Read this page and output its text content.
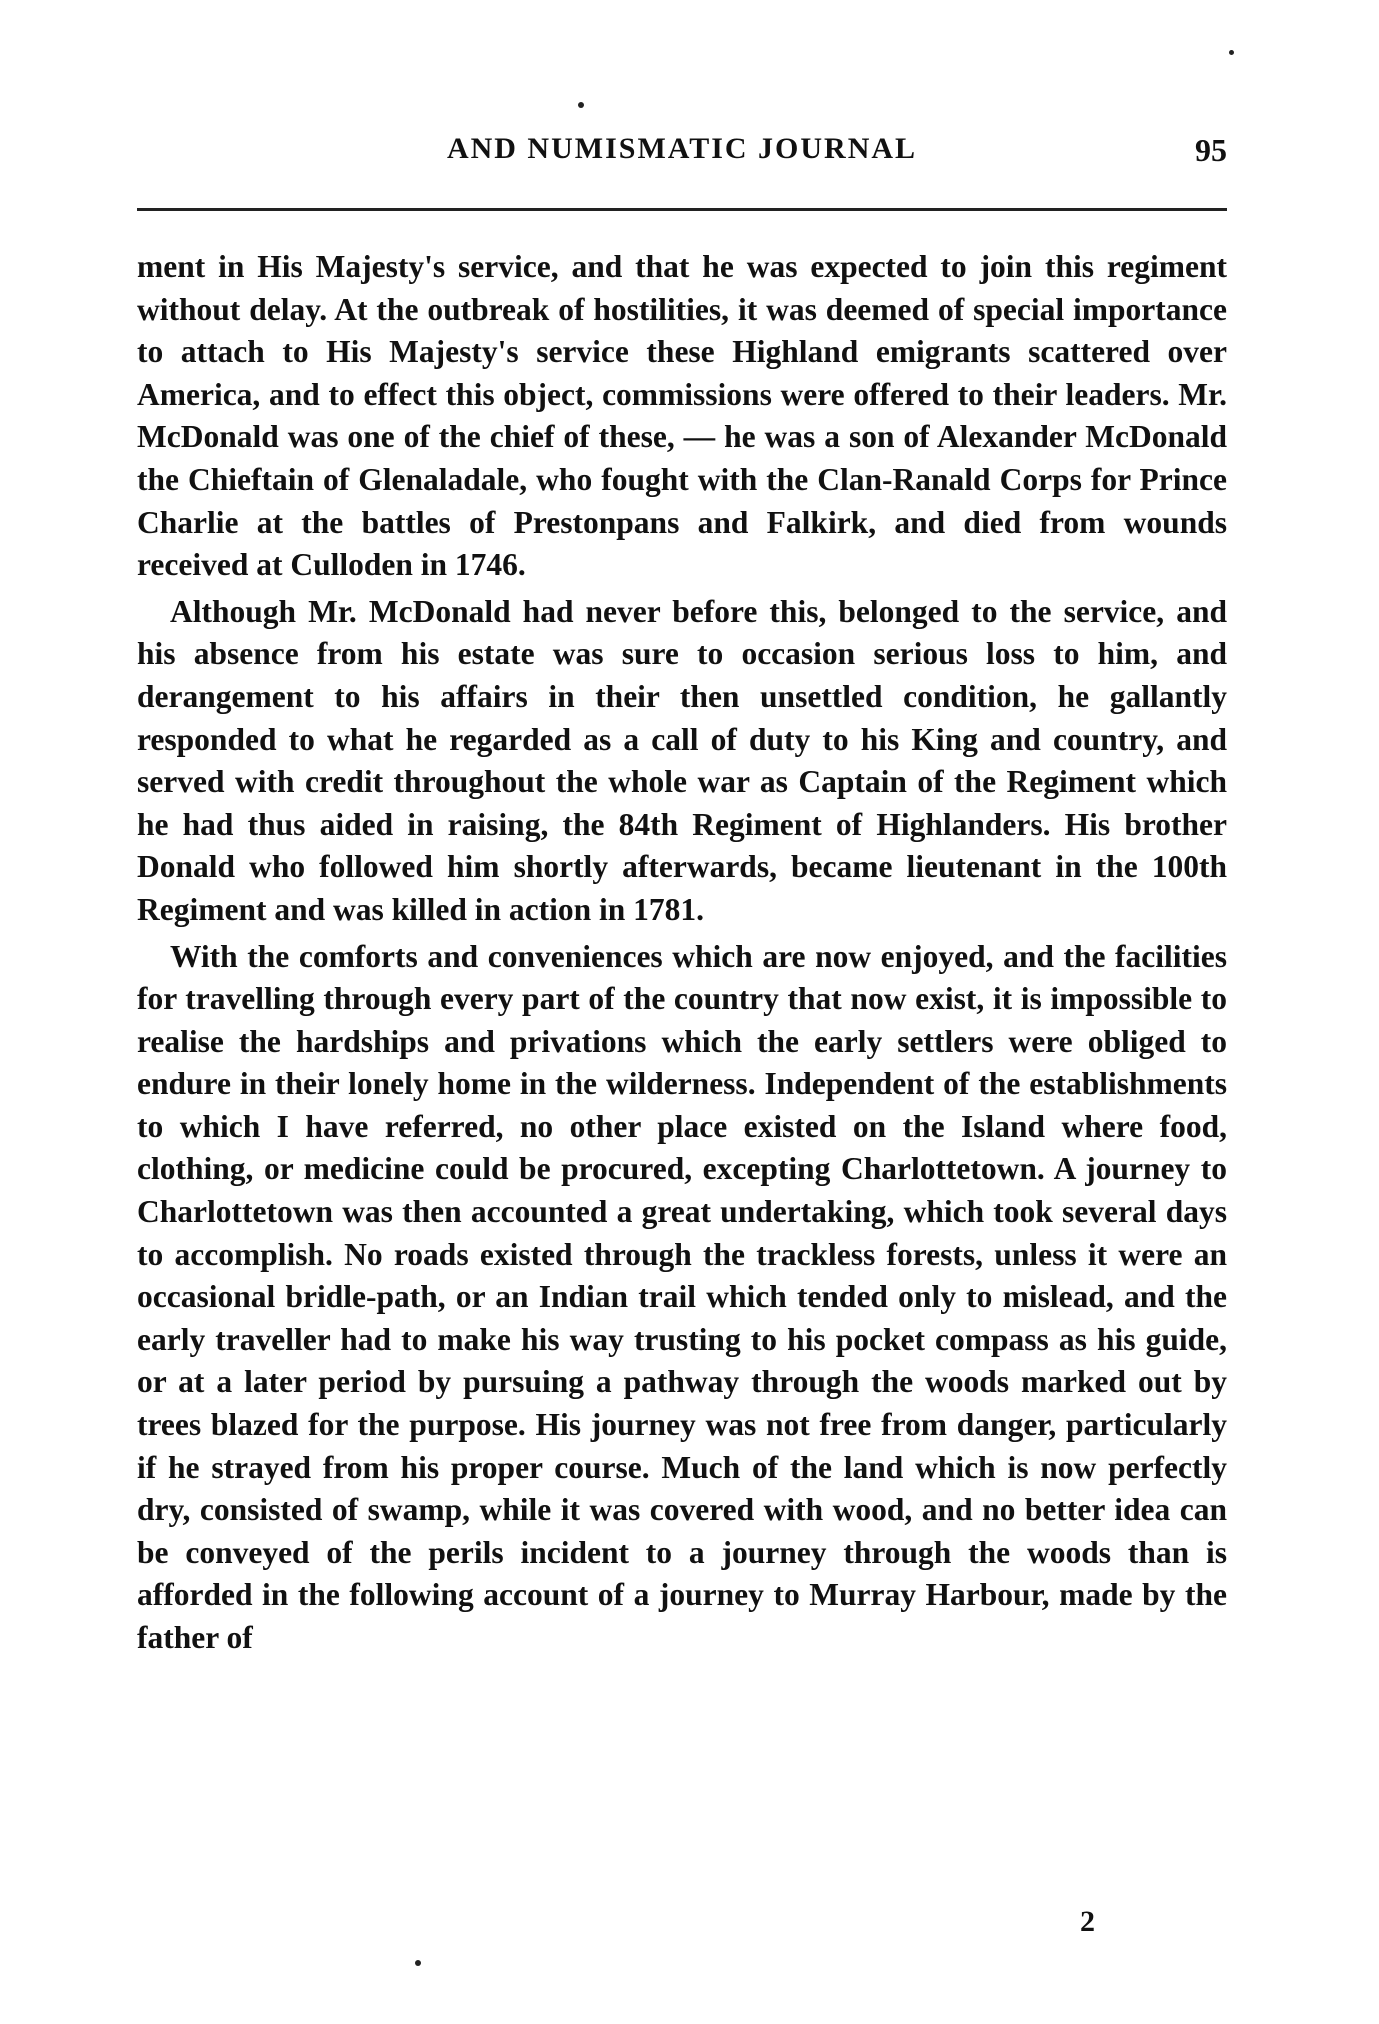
AND NUMISMATIC JOURNAL	95

ment in His Majesty's service, and that he was expected to join this regiment without delay. At the outbreak of hostilities, it was deemed of special importance to attach to His Majesty's service these Highland emigrants scattered over America, and to effect this object, commissions were offered to their leaders. Mr. McDonald was one of the chief of these, — he was a son of Alexander McDonald the Chieftain of Glenaladale, who fought with the Clan-Ranald Corps for Prince Charlie at the battles of Prestonpans and Falkirk, and died from wounds received at Culloden in 1746.

Although Mr. McDonald had never before this, belonged to the service, and his absence from his estate was sure to occasion serious loss to him, and derangement to his affairs in their then unsettled condition, he gallantly responded to what he regarded as a call of duty to his King and country, and served with credit throughout the whole war as Captain of the Regiment which he had thus aided in raising, the 84th Regiment of Highlanders. His brother Donald who followed him shortly afterwards, became lieutenant in the 100th Regiment and was killed in action in 1781.

With the comforts and conveniences which are now enjoyed, and the facilities for travelling through every part of the country that now exist, it is impossible to realise the hardships and privations which the early settlers were obliged to endure in their lonely home in the wilderness. Independent of the establishments to which I have referred, no other place existed on the Island where food, clothing, or medicine could be procured, excepting Charlottetown. A journey to Charlottetown was then accounted a great undertaking, which took several days to accomplish. No roads existed through the trackless forests, unless it were an occasional bridle-path, or an Indian trail which tended only to mislead, and the early traveller had to make his way trusting to his pocket compass as his guide, or at a later period by pursuing a pathway through the woods marked out by trees blazed for the purpose. His journey was not free from danger, particularly if he strayed from his proper course. Much of the land which is now perfectly dry, consisted of swamp, while it was covered with wood, and no better idea can be conveyed of the perils incident to a journey through the woods than is afforded in the following account of a journey to Murray Harbour, made by the father of

2
